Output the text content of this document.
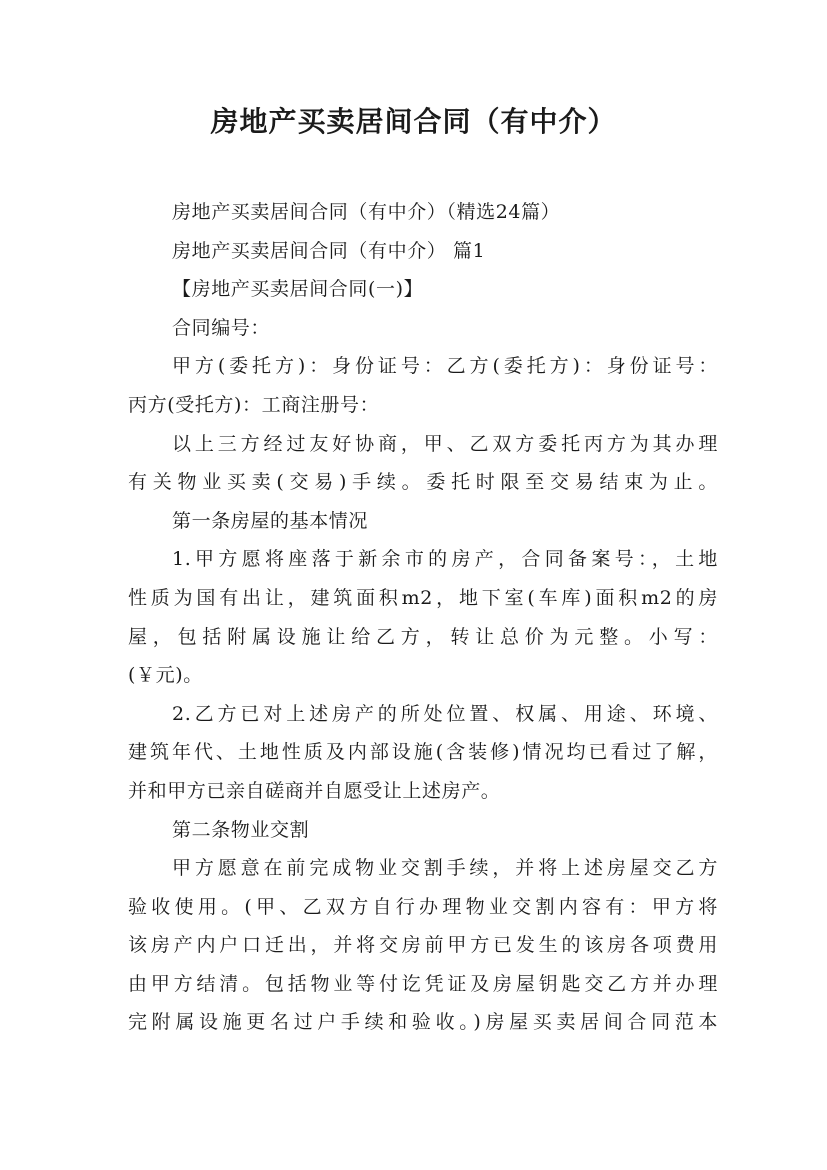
房地产买卖居间合同（有中介）
房地产买卖居间合同（有中介）（精选24篇）
房地产买卖居间合同（有中介） 篇1
【房地产买卖居间合同(一)】
合同编号：
甲方(委托方)：身份证号：乙方(委托方)：身份证号：
丙方(受托方)：工商注册号：
以上三方经过友好协商，甲、乙双方委托丙方为其办理
有关物业买卖(交易)手续。委托时限至交易结束为止。
第一条房屋的基本情况
1.甲方愿将座落于新余市的房产，合同备案号：，土地
性质为国有出让，建筑面积m2，地下室(车库)面积m2的房
屋，包括附属设施让给乙方，转让总价为元整。小写：
(￥元)。
2.乙方已对上述房产的所处位置、权属、用途、环境、
建筑年代、土地性质及内部设施(含装修)情况均已看过了解，
并和甲方已亲自磋商并自愿受让上述房产。
第二条物业交割
甲方愿意在前完成物业交割手续，并将上述房屋交乙方
验收使用。(甲、乙双方自行办理物业交割内容有：甲方将
该房产内户口迁出，并将交房前甲方已发生的该房各项费用
由甲方结清。包括物业等付讫凭证及房屋钥匙交乙方并办理
完附属设施更名过户手续和验收。)房屋买卖居间合同范本
